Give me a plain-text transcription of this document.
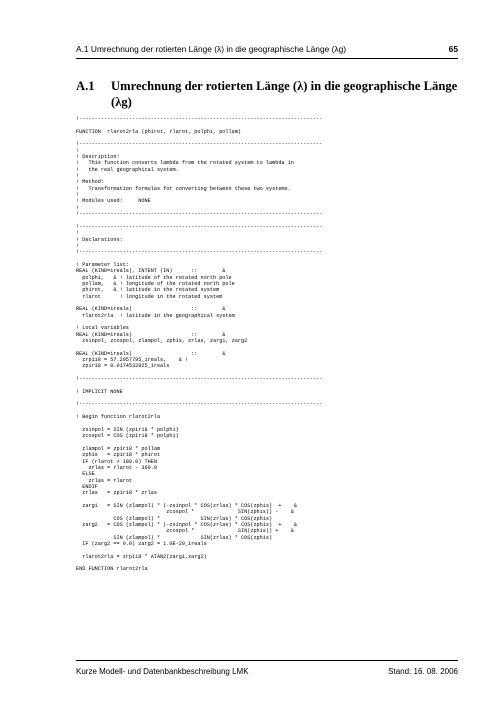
A.1 Umrechnung der rotierten Länge (λ) in die geographische Länge (λg)	65
A.1 Umrechnung der rotierten Länge (λ) in die geographische Länge (λg)
!------------------------------------------------------------------------------
FUNCTION  rlarot2rla (phirot, rlarot, polphi, pollam)
!------------------------------------------------------------------------------
!
! Description:
!   This function converts lambda from the rotated system to lambda in
!   the real geographical system.
!
! Method:
!   Transformation formulas for converting between these two systems.
!
! Modules used:     NONE
!
!------------------------------------------------------------------------------
!------------------------------------------------------------------------------
!
! Declarations:
!
!------------------------------------------------------------------------------
! Parameter list:
REAL (KIND=ireals), INTENT (IN)      ::        &
polphi,   & ! latitude of the rotated north pole
pollam,   & ! longitude of the rotated north pole
phirot,   & ! latitude in the rotated system
rlarot      ! longitude in the rotated system
REAL (KIND=ireals)                   ::        &
rlarot2rla  ! latitude in the geographical system
! Local variables
REAL (KIND=ireals)                   ::        &
zsinpol, zcospol, zlampol, zphis, zrlas, zarg1, zarg2
REAL (KIND=ireals)                   ::        &
zrpi18 = 57.2957795_ireals,    & !
zpir18 = 0.0174532925_ireals
!------------------------------------------------------------------------------
! IMPLICIT NONE
!------------------------------------------------------------------------------
! Begin function rlarot2rla
zsinpol = SIN (zpir18 * polphi)
zcospol = COS (zpir18 * polphi)
zlampol = zpir18 * pollam
zphis   = zpir18 * phirot
IF (rlarot > 180.0) THEN
zrlas = rlarot - 360.0
ELSE
zrlas = rlarot
ENDIF
zrlas   = zpir18 * zrlas
zarg1   = SIN (zlampol) * (-zsinpol * COS(zrlas) * COS(zphis)  +    &
zcospol *              SIN(zphis)) -    &
COS (zlampol) *             SIN(zrlas) * COS(zphis)
zarg2   = COS (zlampol) * (-zsinpol * COS(zrlas) * COS(zphis)  +    &
zcospol *              SIN(zphis)) +    &
SIN (zlampol) *             SIN(zrlas) * COS(zphis)
IF (zarg2 == 0.0) zarg2 = 1.0E-20_ireals
rlarot2rla = zrpi18 * ATAN2(zarg1,zarg2)
END FUNCTION rlarot2rla
Kurze Modell- und Datenbankbeschreibung LMK	Stand: 16. 08. 2006
